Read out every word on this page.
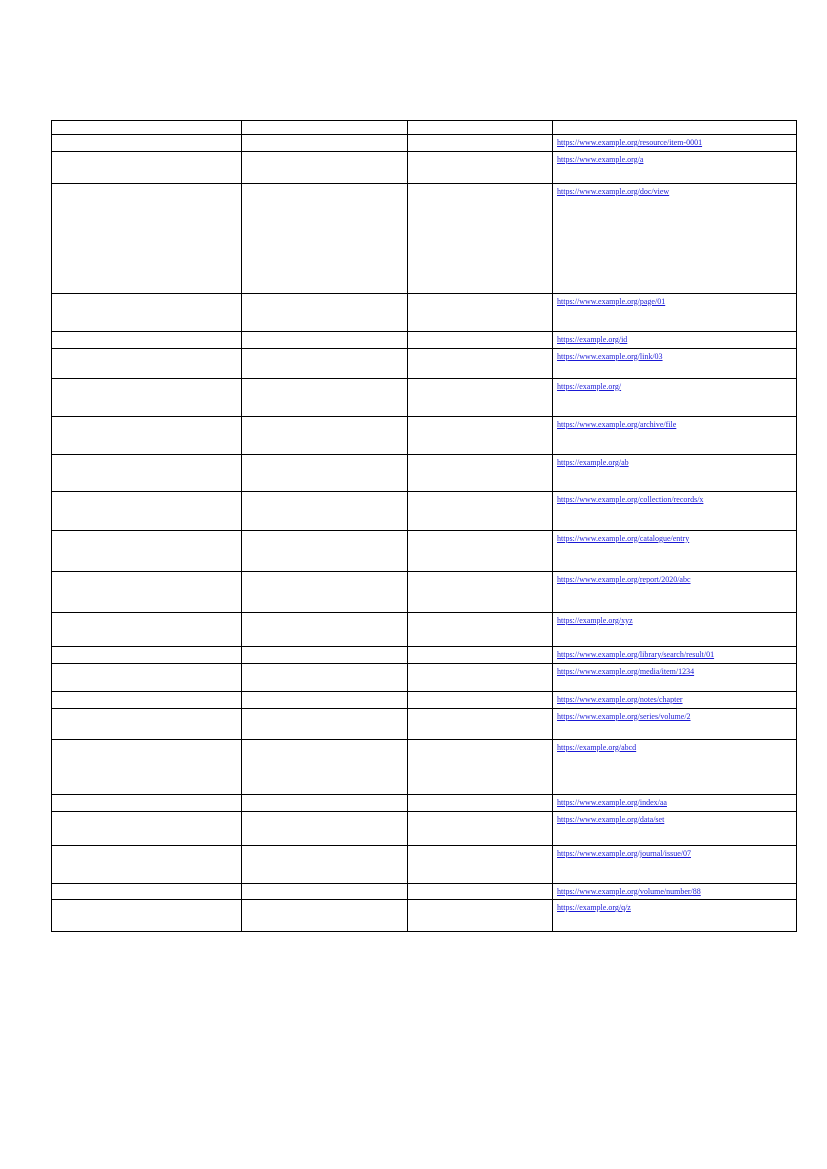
			https://www.example.org/resource/item-0001

			https://www.example.org/a

			https://www.example.org/doc/view

			https://www.example.org/page/01

			https://example.org/id

			https://www.example.org/link/03

			https://example.org/

			https://www.example.org/archive/file

			https://example.org/ab

			https://www.example.org/collection/records/x

			https://www.example.org/catalogue/entry

			https://www.example.org/report/2020/abc

			https://example.org/xyz

			https://www.example.org/library/search/result/01

			https://www.example.org/media/item/1234

			https://www.example.org/notes/chapter

			https://www.example.org/series/volume/2

			https://example.org/abcd

			https://www.example.org/index/aa

			https://www.example.org/data/set

			https://www.example.org/journal/issue/07

			https://www.example.org/volume/number/88

			https://example.org/q/z
